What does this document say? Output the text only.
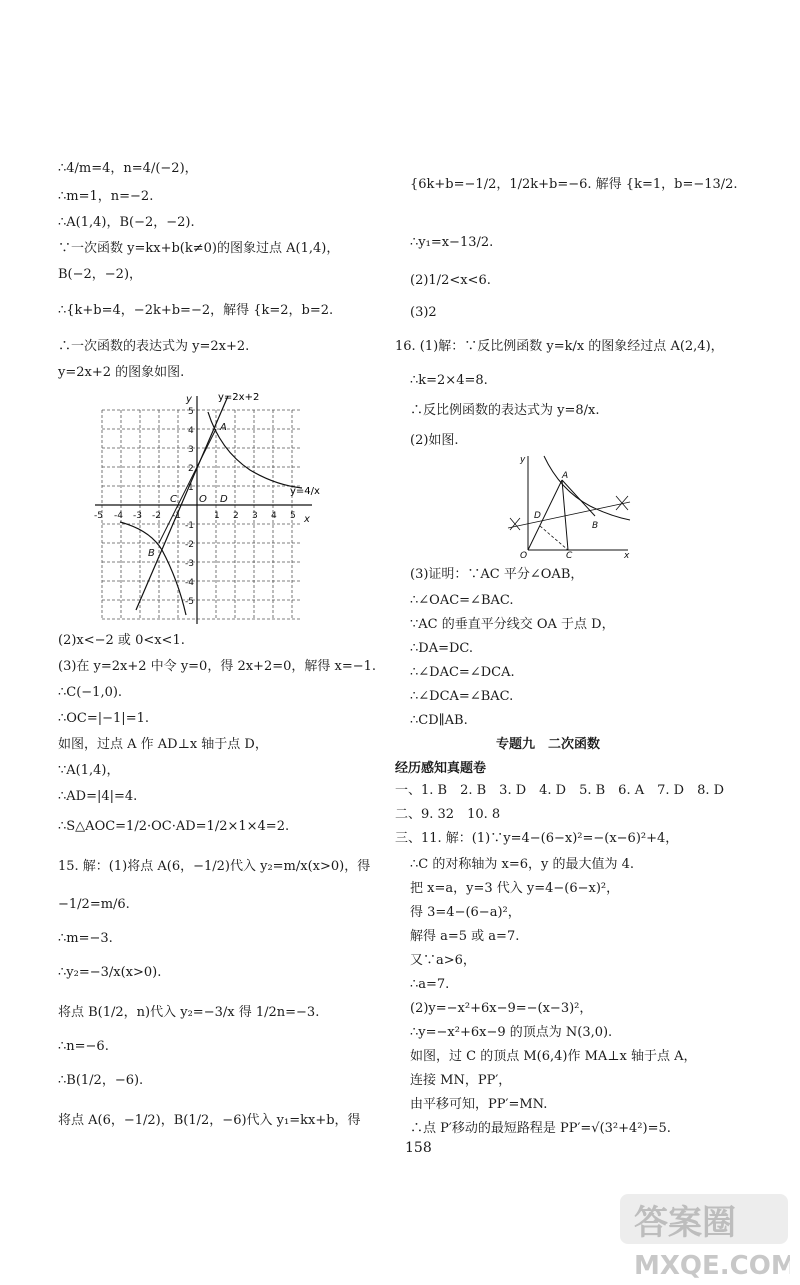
∴4/m=4，n=4/(−2)，
∴m=1，n=−2.
∴A(1,4)，B(−2，−2).
∵一次函数 y=kx+b(k≠0)的图象过点 A(1,4)，
B(−2，−2)，
∴{k+b=4，−2k+b=−2，解得 {k=2，b=2.
∴一次函数的表达式为 y=2x+2.
y=2x+2 的图象如图.
y=2x+2
y=4/x
-5 -4 -3 -2 -1	1 2 3 4 5
5
4
3
2
1
-1
-2
-3
-4
-5
A
B
C	D
O
x
y
(2)x<−2 或 0<x<1.
(3)在 y=2x+2 中令 y=0，得 2x+2=0，解得 x=−1.
∴C(−1,0).
∴OC=|−1|=1.
如图，过点 A 作 AD⊥x 轴于点 D，
∵A(1,4)，
∴AD=|4|=4.
∴S△AOC=1/2·OC·AD=1/2×1×4=2.
15. 解：(1)将点 A(6，−1/2)代入 y₂=m/x(x>0)，得
−1/2=m/6.
∴m=−3.
∴y₂=−3/x(x>0).
将点 B(1/2，n)代入 y₂=−3/x 得 1/2n=−3.
∴n=−6.
∴B(1/2，−6).
将点 A(6，−1/2)，B(1/2，−6)代入 y₁=kx+b，得
{6k+b=−1/2，1/2k+b=−6. 解得 {k=1，b=−13/2.
∴y₁=x−13/2.
(2)1/2<x<6.
(3)2
16. (1)解：∵反比例函数 y=k/x 的图象经过点 A(2,4)，
∴k=2×4=8.
∴反比例函数的表达式为 y=8/x.
(2)如图.
y
A
D
B
O	C	x
(3)证明：∵AC 平分∠OAB，
∴∠OAC=∠BAC.
∵AC 的垂直平分线交 OA 于点 D，
∴DA=DC.
∴∠DAC=∠DCA.
∴∠DCA=∠BAC.
∴CD∥AB.
专题九　二次函数
经历感知真题卷
一、1. B　2. B　3. D　4. D　5. B　6. A　7. D　8. D
二、9. 32　10. 8
三、11. 解：(1)∵y=4−(6−x)²=−(x−6)²+4，
∴C 的对称轴为 x=6，y 的最大值为 4.
把 x=a，y=3 代入 y=4−(6−x)²，
得 3=4−(6−a)²，
解得 a=5 或 a=7.
又∵a>6，
∴a=7.
(2)y=−x²+6x−9=−(x−3)²，
∴y=−x²+6x−9 的顶点为 N(3,0).
如图，过 C 的顶点 M(6,4)作 MA⊥x 轴于点 A，
连接 MN，PP′，
由平移可知，PP′=MN.
∴点 P′移动的最短路程是 PP′=√(3²+4²)=5.
158
答案圈
MXQE.COM
